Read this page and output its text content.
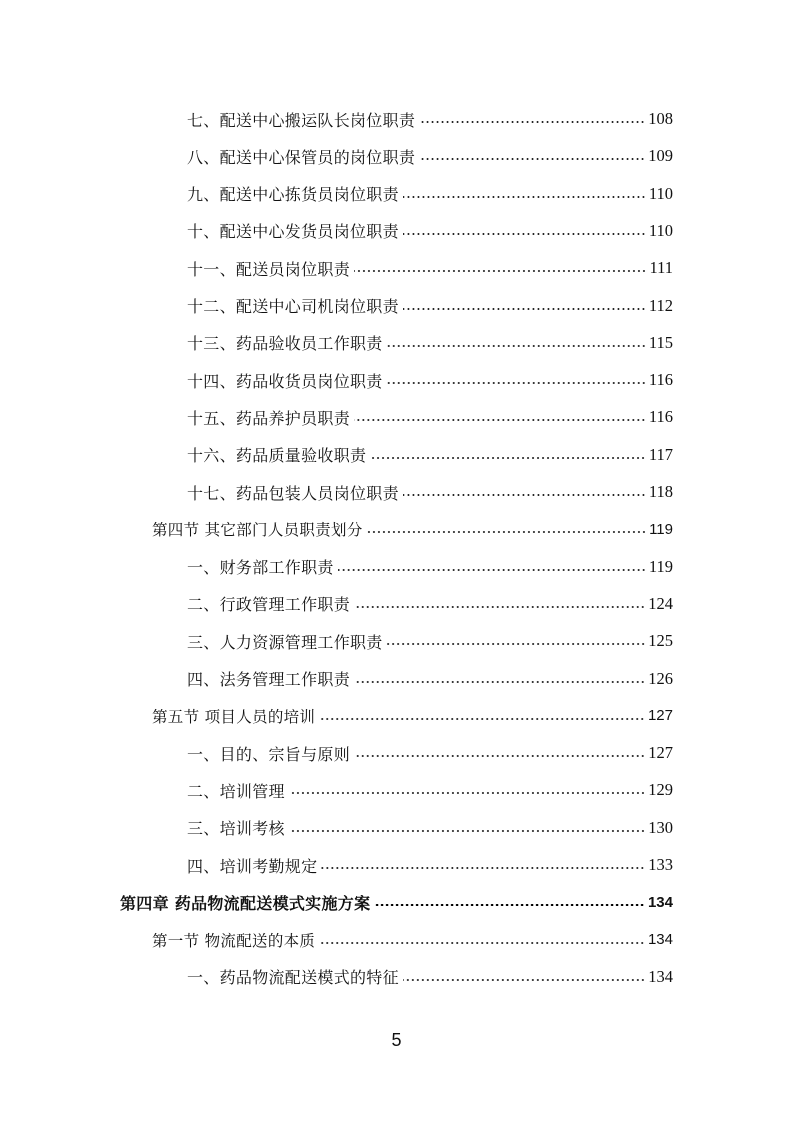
七、配送中心搬运队长岗位职责	108
八、配送中心保管员的岗位职责	109
九、配送中心拣货员岗位职责	110
十、配送中心发货员岗位职责	110
十一、配送员岗位职责	111
十二、配送中心司机岗位职责	112
十三、药品验收员工作职责	115
十四、药品收货员岗位职责	116
十五、药品养护员职责	116
十六、药品质量验收职责	117
十七、药品包装人员岗位职责	118
第四节 其它部门人员职责划分	119
一、财务部工作职责	119
二、行政管理工作职责	124
三、人力资源管理工作职责	125
四、法务管理工作职责	126
第五节 项目人员的培训	127
一、目的、宗旨与原则	127
二、培训管理	129
三、培训考核	130
四、培训考勤规定	133
第四章 药品物流配送模式实施方案	134
第一节 物流配送的本质	134
一、药品物流配送模式的特征	134
5
